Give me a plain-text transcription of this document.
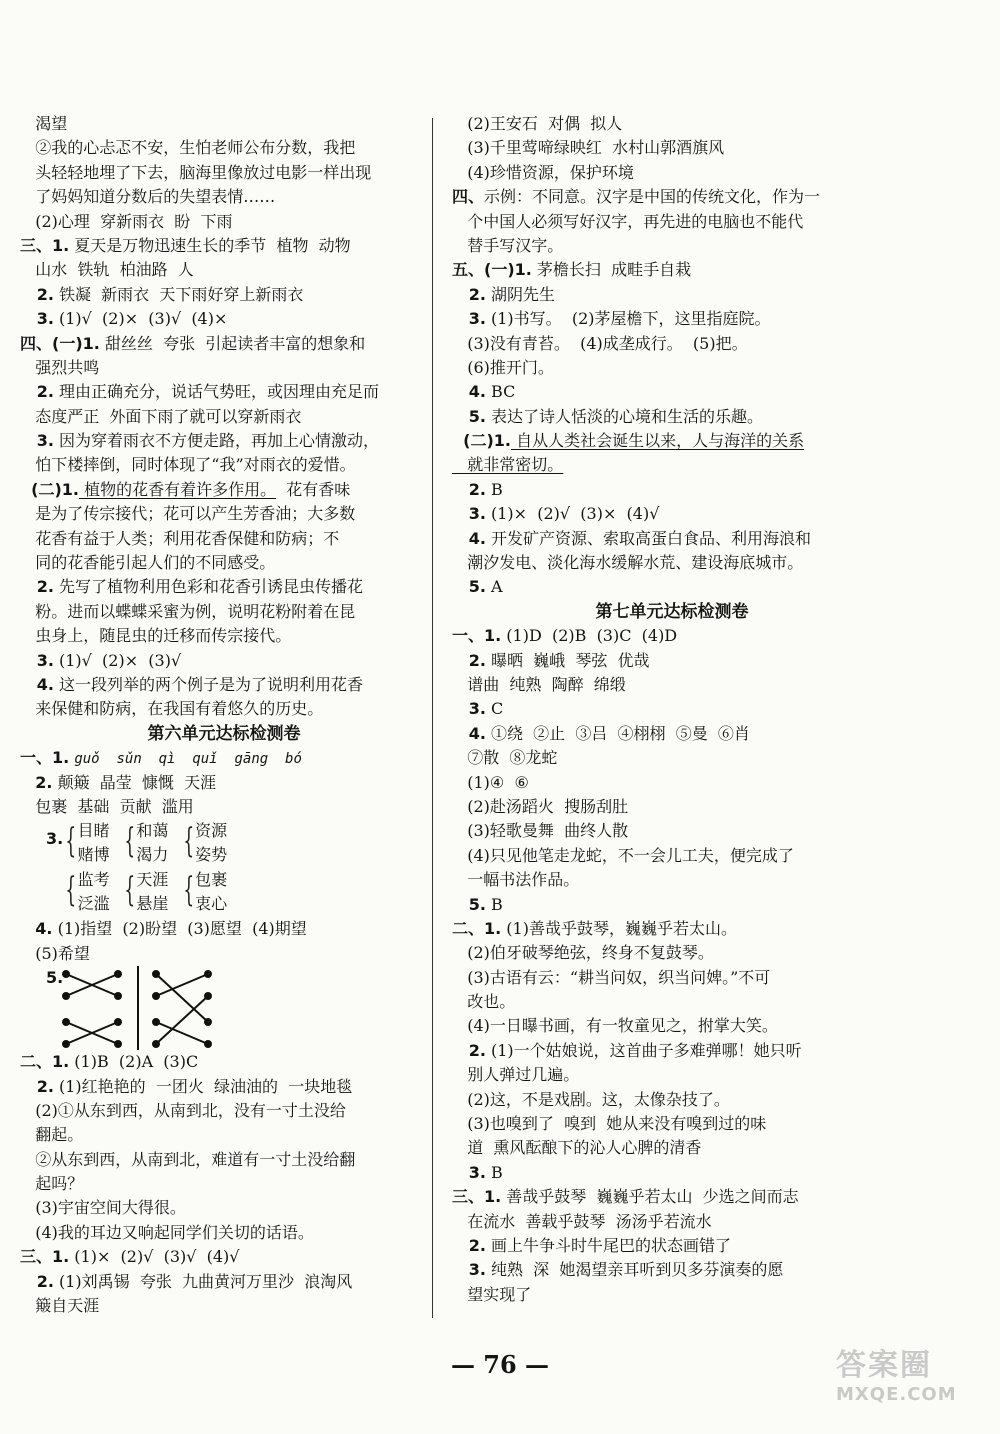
渴望
②我的心忐忑不安，生怕老师公布分数，我把
头轻轻地埋了下去，脑海里像放过电影一样出现
了妈妈知道分数后的失望表情……
(2)心理  穿新雨衣  盼  下雨
三、1. 夏天是万物迅速生长的季节  植物  动物
山水  铁轨  柏油路  人
2. 铁凝  新雨衣  天下雨好穿上新雨衣
3. (1)√  (2)×  (3)√  (4)×
四、(一)1. 甜丝丝  夸张  引起读者丰富的想象和
强烈共鸣
2. 理由正确充分，说话气势旺，或因理由充足而
态度严正  外面下雨了就可以穿新雨衣
3. 因为穿着雨衣不方便走路，再加上心情激动，
怕下楼摔倒，同时体现了“我”对雨衣的爱惜。
(二)1. 植物的花香有着许多作用。  花有香味
是为了传宗接代；花可以产生芳香油；大多数
花香有益于人类；利用花香保健和防病；不
同的花香能引起人们的不同感受。
2. 先写了植物利用色彩和花香引诱昆虫传播花
粉。进而以蝶蝶采蜜为例，说明花粉附着在昆
虫身上，随昆虫的迁移而传宗接代。
3. (1)√  (2)×  (3)√
4. 这一段列举的两个例子是为了说明利用花香
来保健和防病，在我国有着悠久的历史。
第六单元达标检测卷
一、1. guǒ  sǔn  qì  quǐ  gāng  bó
2. 颠簸  晶莹  慷慨  天涯
包裹  基础  贡献  滥用
3. { 目睹
赌博 { 和蔼
渴力 { 资源
姿势
{ 监考
泛滥 { 天涯
悬崖 { 包裹
衷心
4. (1)指望  (2)盼望  (3)愿望  (4)期望
(5)希望
5.
二、1. (1)B  (2)A  (3)C
2. (1)红艳艳的  一团火  绿油油的  一块地毯
(2)①从东到西，从南到北，没有一寸土没给
翻起。
②从东到西，从南到北，难道有一寸土没给翻
起吗？
(3)宇宙空间大得很。
(4)我的耳边又响起同学们关切的话语。
三、1. (1)×  (2)√  (3)√  (4)√
2. (1)刘禹锡  夸张  九曲黄河万里沙  浪淘风
簸自天涯
(2)王安石  对偶  拟人
(3)千里莺啼绿映红  水村山郭酒旗风
(4)珍惜资源，保护环境
四、示例：不同意。汉字是中国的传统文化，作为一
个中国人必须写好汉字，再先进的电脑也不能代
替手写汉字。
五、(一)1. 茅檐长扫  成畦手自栽
2. 湖阴先生
3. (1)书写。  (2)茅屋檐下，这里指庭院。
(3)没有青苔。  (4)成垄成行。  (5)把。
(6)推开门。
4. BC
5. 表达了诗人恬淡的心境和生活的乐趣。
(二)1. 自从人类社会诞生以来，人与海洋的关系
就非常密切。
2. B
3. (1)×  (2)√  (3)×  (4)√
4. 开发矿产资源、索取高蛋白食品、利用海浪和
潮汐发电、淡化海水缓解水荒、建设海底城市。
5. A
第七单元达标检测卷
一、1. (1)D  (2)B  (3)C  (4)D
2. 曝晒  巍峨  琴弦  优哉
谱曲  纯熟  陶醉  绵缎
3. C
4. ①绕  ②止  ③吕  ④栩栩  ⑤曼  ⑥肖
⑦散  ⑧龙蛇
(1)④  ⑥
(2)赴汤蹈火  搜肠刮肚
(3)轻歌曼舞  曲终人散
(4)只见他笔走龙蛇，不一会儿工夫，便完成了
一幅书法作品。
5. B
二、1. (1)善哉乎鼓琴，巍巍乎若太山。
(2)伯牙破琴绝弦，终身不复鼓琴。
(3)古语有云：“耕当问奴，织当问婢。”不可
改也。
(4)一日曝书画，有一牧童见之，拊掌大笑。
2. (1)一个姑娘说，这首曲子多难弹哪！她只听
别人弹过几遍。
(2)这，不是戏剧。这，太像杂技了。
(3)也嗅到了  嗅到  她从来没有嗅到过的味
道  熏风酝酿下的沁人心脾的清香
3. B
三、1. 善哉乎鼓琴  巍巍乎若太山  少选之间而志
在流水  善载乎鼓琴  汤汤乎若流水
2. 画上牛争斗时牛尾巴的状态画错了
3. 纯熟  深  她渴望亲耳听到贝多芬演奏的愿
望实现了
— 76 —	答案圈
MXQE.COM
